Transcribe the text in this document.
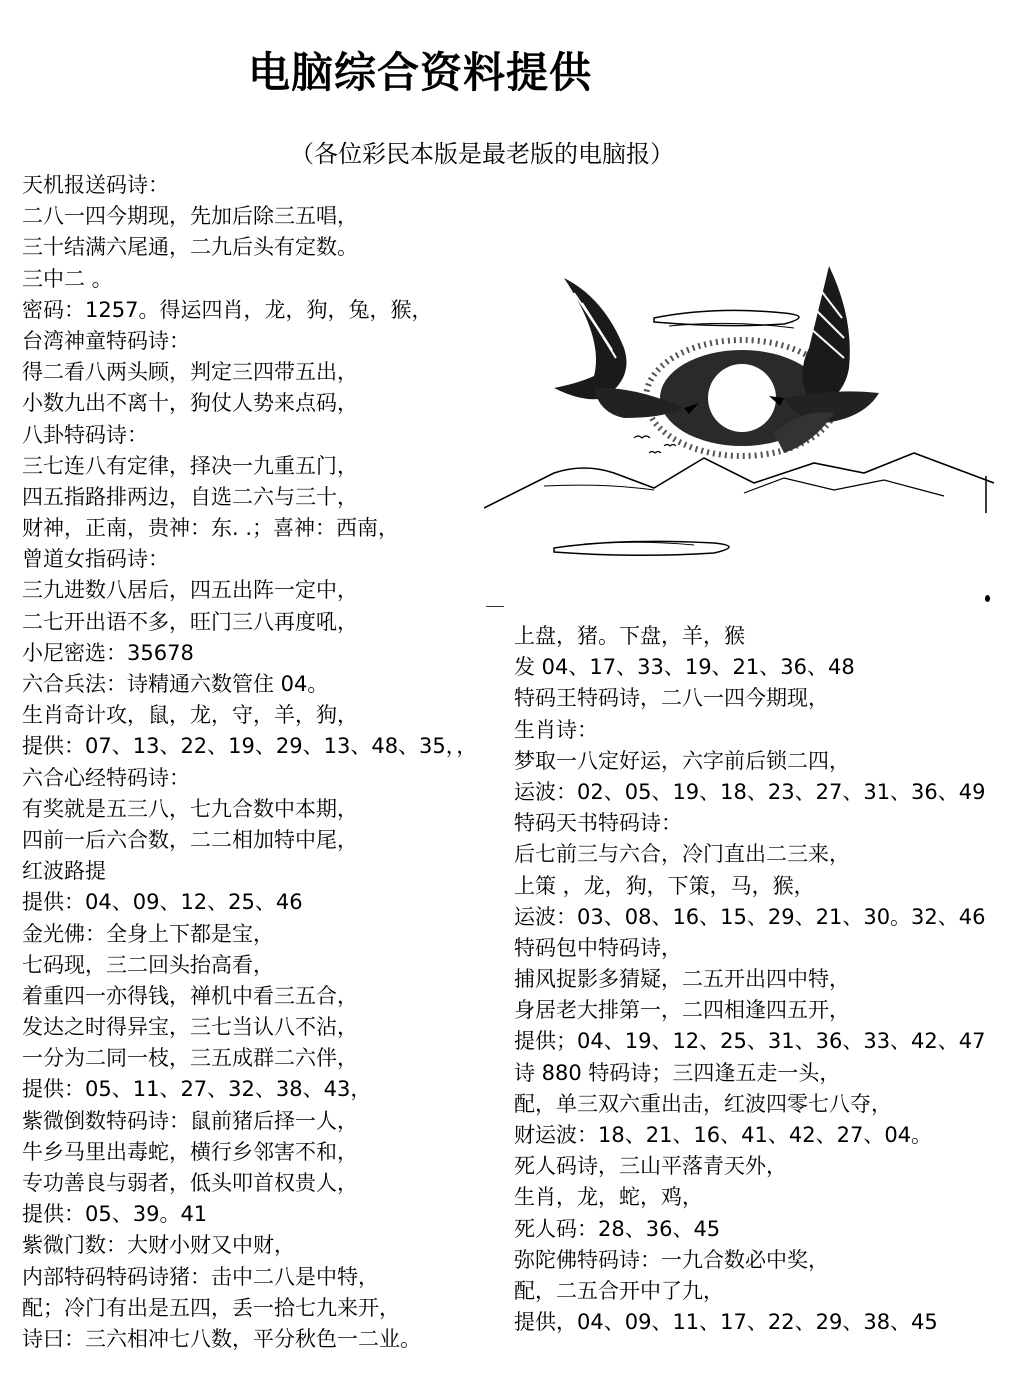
电脑综合资料提供
（各位彩民本版是最老版的电脑报）
天机报送码诗：
二八一四今期现，先加后除三五唱，
三十结满六尾通，二九后头有定数。
三中二 。
密码：1257。得运四肖，龙，狗，兔，猴，
台湾神童特码诗：
得二看八两头顾，判定三四带五出，
小数九出不离十，狗仗人势来点码，
八卦特码诗：
三七连八有定律，择决一九重五门，
四五指路排两边，自选二六与三十，
财神，正南，贵神：东. .；喜神：西南，
曾道女指码诗：
三九进数八居后，四五出阵一定中，
二七开出语不多，旺门三八再度吼，
小尼密选：35678
六合兵法：诗精通六数管住 04。
生肖奇计攻，鼠，龙，守，羊，狗，
提供：07、13、22、19、29、13、48、35，，
六合心经特码诗：
有奖就是五三八，七九合数中本期，
四前一后六合数，二二相加特中尾，
红波路提
提供：04、09、12、25、46
金光佛：全身上下都是宝，
七码现，三二回头抬高看，
着重四一亦得钱，禅机中看三五合，
发达之时得异宝，三七当认八不沾，
一分为二同一枝，三五成群二六伴，
提供：05、11、27、32、38、43，
紫微倒数特码诗：鼠前猪后择一人，
牛乡马里出毒蛇，横行乡邻害不和，
专功善良与弱者，低头叩首权贵人，
提供：05、39。41
紫微门数：大财小财又中财，
内部特码特码诗猪：击中二八是中特，
配；冷门有出是五四，丢一拾七九来开，
诗曰：三六相冲七八数，平分秋色一二业。
上盘，猪。下盘，羊，猴
发 04、17、33、19、21、36、48
特码王特码诗，二八一四今期现，
生肖诗：
梦取一八定好运，六字前后锁二四，
运波：02、05、19、18、23、27、31、36、49
特码天书特码诗：
后七前三与六合，冷门直出二三来，
上策 ，龙，狗，下策，马，猴，
运波：03、08、16、15、29、21、30。32、46
特码包中特码诗，
捕风捉影多猜疑，二五开出四中特，
身居老大排第一，二四相逢四五开，
提供；04、19、12、25、31、36、33、42、47
诗 880 特码诗；三四逢五走一头，
配，单三双六重出击，红波四零七八夺，
财运波：18、21、16、41、42、27、04。
死人码诗，三山平落青天外，
生肖，龙，蛇，鸡，
死人码：28、36、45
弥陀佛特码诗：一九合数必中奖，
配，二五合开中了九，
提供，04、09、11、17、22、29、38、45
